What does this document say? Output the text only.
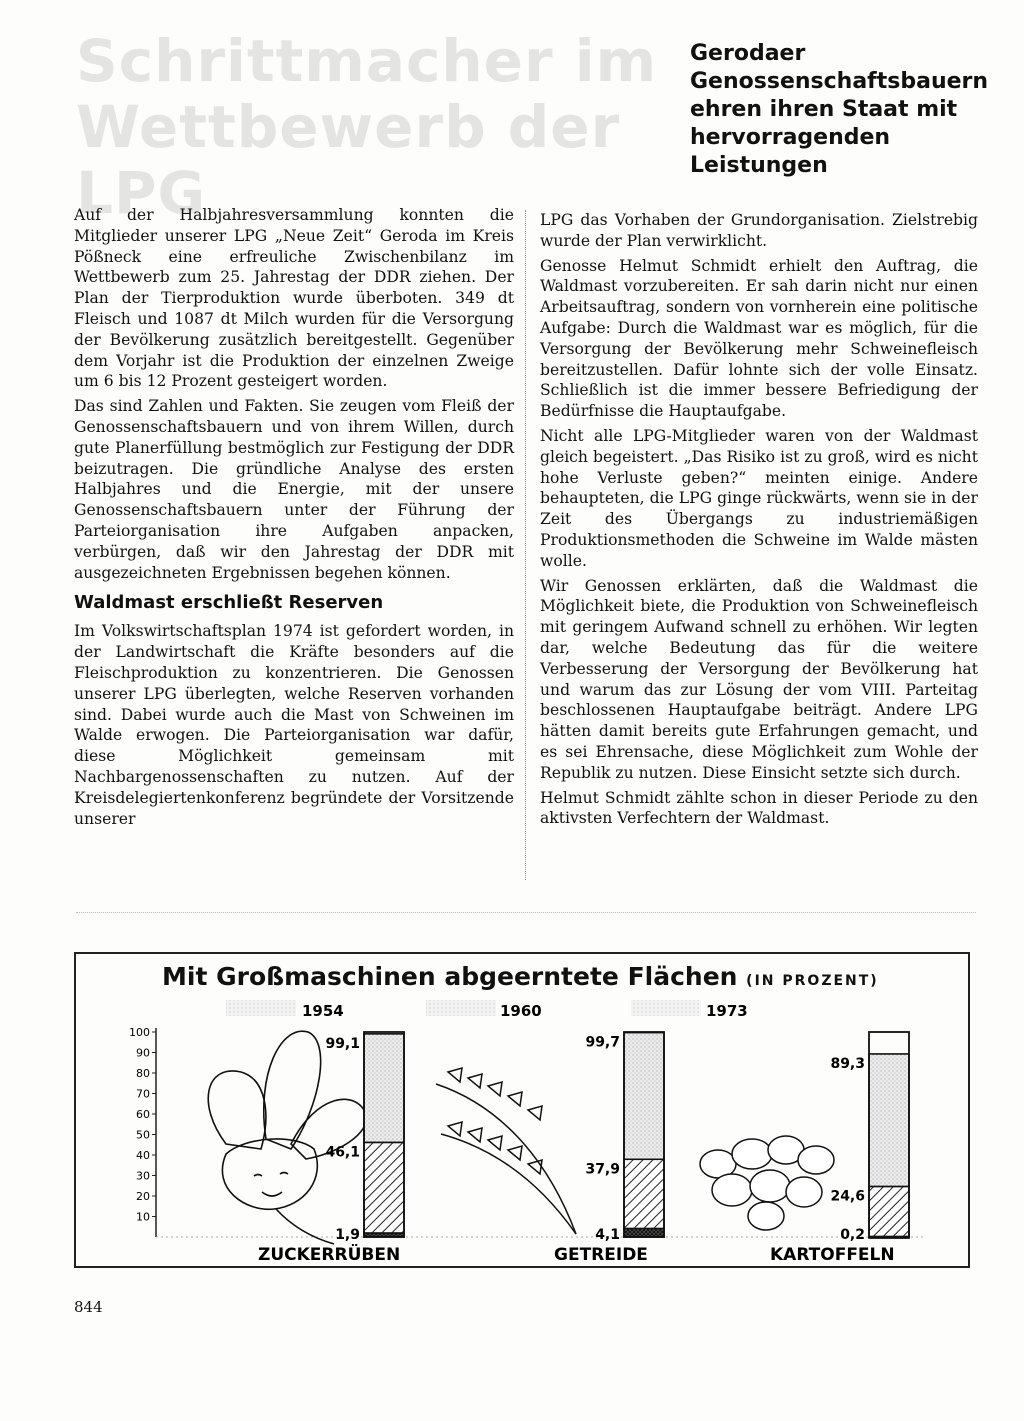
Schrittmacher im Wettbewerb der LPG
Gerodaer Genossenschaftsbauern ehren ihren Staat mit hervorragenden Leistungen

Auf der Halbjahresversammlung konnten die Mitglieder unserer LPG „Neue Zeit“ Geroda im Kreis Pößneck eine erfreuliche Zwischenbilanz im Wettbewerb zum 25. Jahrestag der DDR ziehen. Der Plan der Tierproduktion wurde überboten. 349 dt Fleisch und 1087 dt Milch wurden für die Versorgung der Bevölkerung zusätzlich bereitgestellt. Gegenüber dem Vorjahr ist die Produktion der einzelnen Zweige um 6 bis 12 Prozent gesteigert worden.

Das sind Zahlen und Fakten. Sie zeugen vom Fleiß der Genossenschaftsbauern und von ihrem Willen, durch gute Planerfüllung bestmöglich zur Festigung der DDR beizutragen. Die gründliche Analyse des ersten Halbjahres und die Energie, mit der unsere Genossenschaftsbauern unter der Führung der Parteiorganisation ihre Aufgaben anpacken, verbürgen, daß wir den Jahrestag der DDR mit ausgezeichneten Ergebnissen begehen können.

Waldmast erschließt Reserven

Im Volkswirtschaftsplan 1974 ist gefordert worden, in der Landwirtschaft die Kräfte besonders auf die Fleischproduktion zu konzentrieren. Die Genossen unserer LPG überlegten, welche Reserven vorhanden sind. Dabei wurde auch die Mast von Schweinen im Walde erwogen. Die Parteiorganisation war dafür, diese Möglichkeit gemeinsam mit Nachbargenossenschaften zu nutzen. Auf der Kreisdelegiertenkonferenz begründete der Vorsitzende unserer

LPG das Vorhaben der Grundorganisation. Zielstrebig wurde der Plan verwirklicht.

Genosse Helmut Schmidt erhielt den Auftrag, die Waldmast vorzubereiten. Er sah darin nicht nur einen Arbeitsauftrag, sondern von vornherein eine politische Aufgabe: Durch die Waldmast war es möglich, für die Versorgung der Bevölkerung mehr Schweinefleisch bereitzustellen. Dafür lohnte sich der volle Einsatz. Schließlich ist die immer bessere Befriedigung der Bedürfnisse die Hauptaufgabe.

Nicht alle LPG-Mitglieder waren von der Waldmast gleich begeistert. „Das Risiko ist zu groß, wird es nicht hohe Verluste geben?“ meinten einige. Andere behaupteten, die LPG ginge rückwärts, wenn sie in der Zeit des Übergangs zu industriemäßigen Produktionsmethoden die Schweine im Walde mästen wolle.

Wir Genossen erklärten, daß die Waldmast die Möglichkeit biete, die Produktion von Schweinefleisch mit geringem Aufwand schnell zu erhöhen. Wir legten dar, welche Bedeutung das für die weitere Verbesserung der Versorgung der Bevölkerung hat und warum das zur Lösung der vom VIII. Parteitag beschlossenen Hauptaufgabe beiträgt. Andere LPG hätten damit bereits gute Erfahrungen gemacht, und es sei Ehrensache, diese Möglichkeit zum Wohle der Republik zu nutzen. Diese Einsicht setzte sich durch.

Helmut Schmidt zählte schon in dieser Periode zu den aktivsten Verfechtern der Waldmast.

Mit Großmaschinen abgeerntete Flächen (IN PROZENT)
1954	1960	1973
10
20
30
40
50
60
70
80
90
100
99,1
46,1
1,9
99,7
37,9
4,1
89,3
24,6
0,2
ZUCKERRÜBEN	GETREIDE	KARTOFFELN
844
